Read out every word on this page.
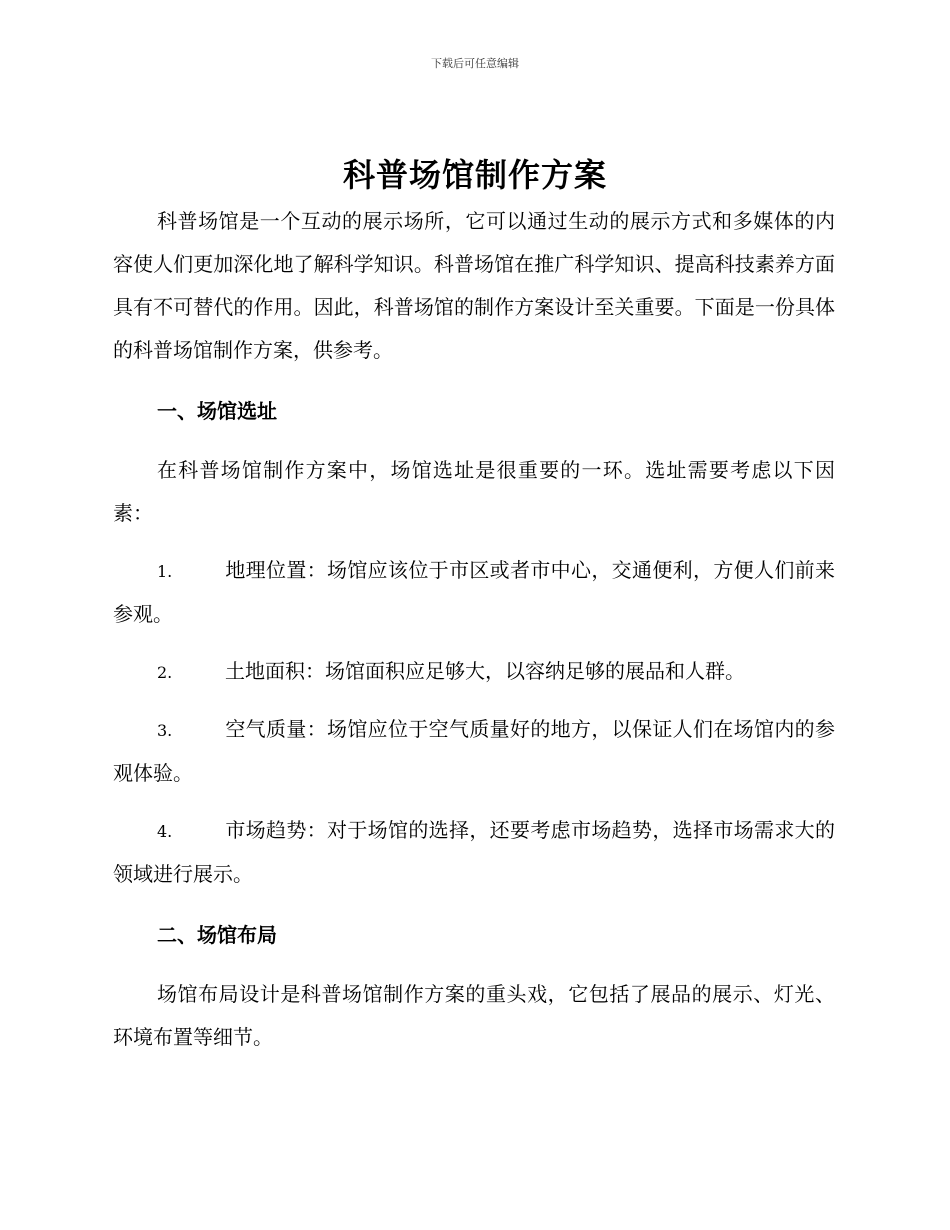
下载后可任意编辑
科普场馆制作方案

科普场馆是一个互动的展示场所，它可以通过生动的展示方式和多媒体的内容使人们更加深化地了解科学知识。科普场馆在推广科学知识、提高科技素养方面具有不可替代的作用。因此，科普场馆的制作方案设计至关重要。下面是一份具体的科普场馆制作方案，供参考。

一、场馆选址

在科普场馆制作方案中，场馆选址是很重要的一环。选址需要考虑以下因素：

1.	地理位置：场馆应该位于市区或者市中心，交通便利，方便人们前来参观。

2.	土地面积：场馆面积应足够大，以容纳足够的展品和人群。

3.	空气质量：场馆应位于空气质量好的地方，以保证人们在场馆内的参观体验。

4.	市场趋势：对于场馆的选择，还要考虑市场趋势，选择市场需求大的领域进行展示。

二、场馆布局

场馆布局设计是科普场馆制作方案的重头戏，它包括了展品的展示、灯光、环境布置等细节。
